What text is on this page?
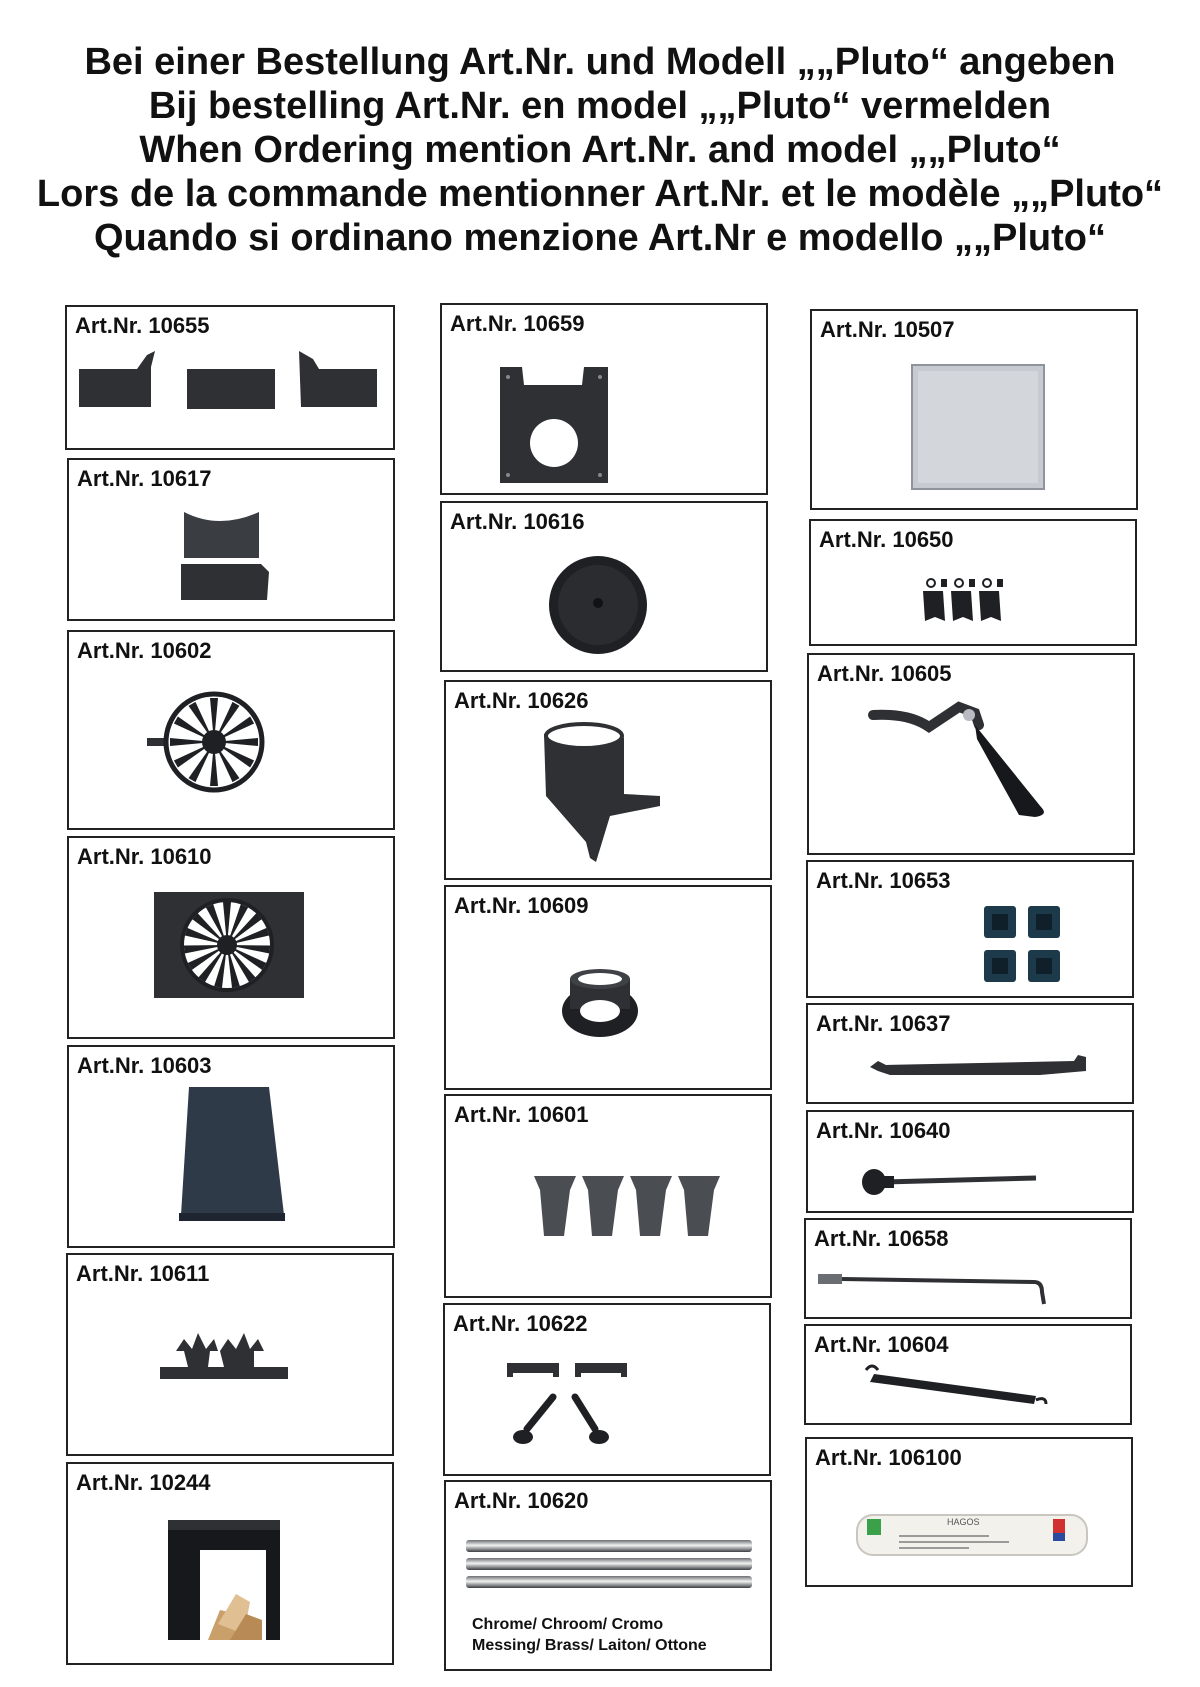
Bei einer Bestellung Art.Nr. und Modell „„Pluto“ angeben
Bij bestelling Art.Nr. en model „„Pluto“ vermelden
When Ordering mention Art.Nr. and model „„Pluto“
Lors de la commande mentionner Art.Nr. et le modèle „„Pluto“
Quando si ordinano menzione Art.Nr e modello „„Pluto“
Art.Nr. 10655
Art.Nr. 10617
Art.Nr. 10602
Art.Nr. 10610
Art.Nr. 10603
Art.Nr. 10611
Art.Nr. 10244
Art.Nr. 10659
Art.Nr. 10616
Art.Nr. 10626
Art.Nr. 10609
Art.Nr. 10601
Art.Nr. 10622
Art.Nr. 10620
Chrome/ Chroom/ Cromo
Messing/ Brass/ Laiton/ Ottone
Art.Nr. 10507
Art.Nr. 10650
Art.Nr. 10605
Art.Nr. 10653
Art.Nr. 10637
Art.Nr. 10640
Art.Nr. 10658
Art.Nr. 10604
Art.Nr. 106100
HAGOS
